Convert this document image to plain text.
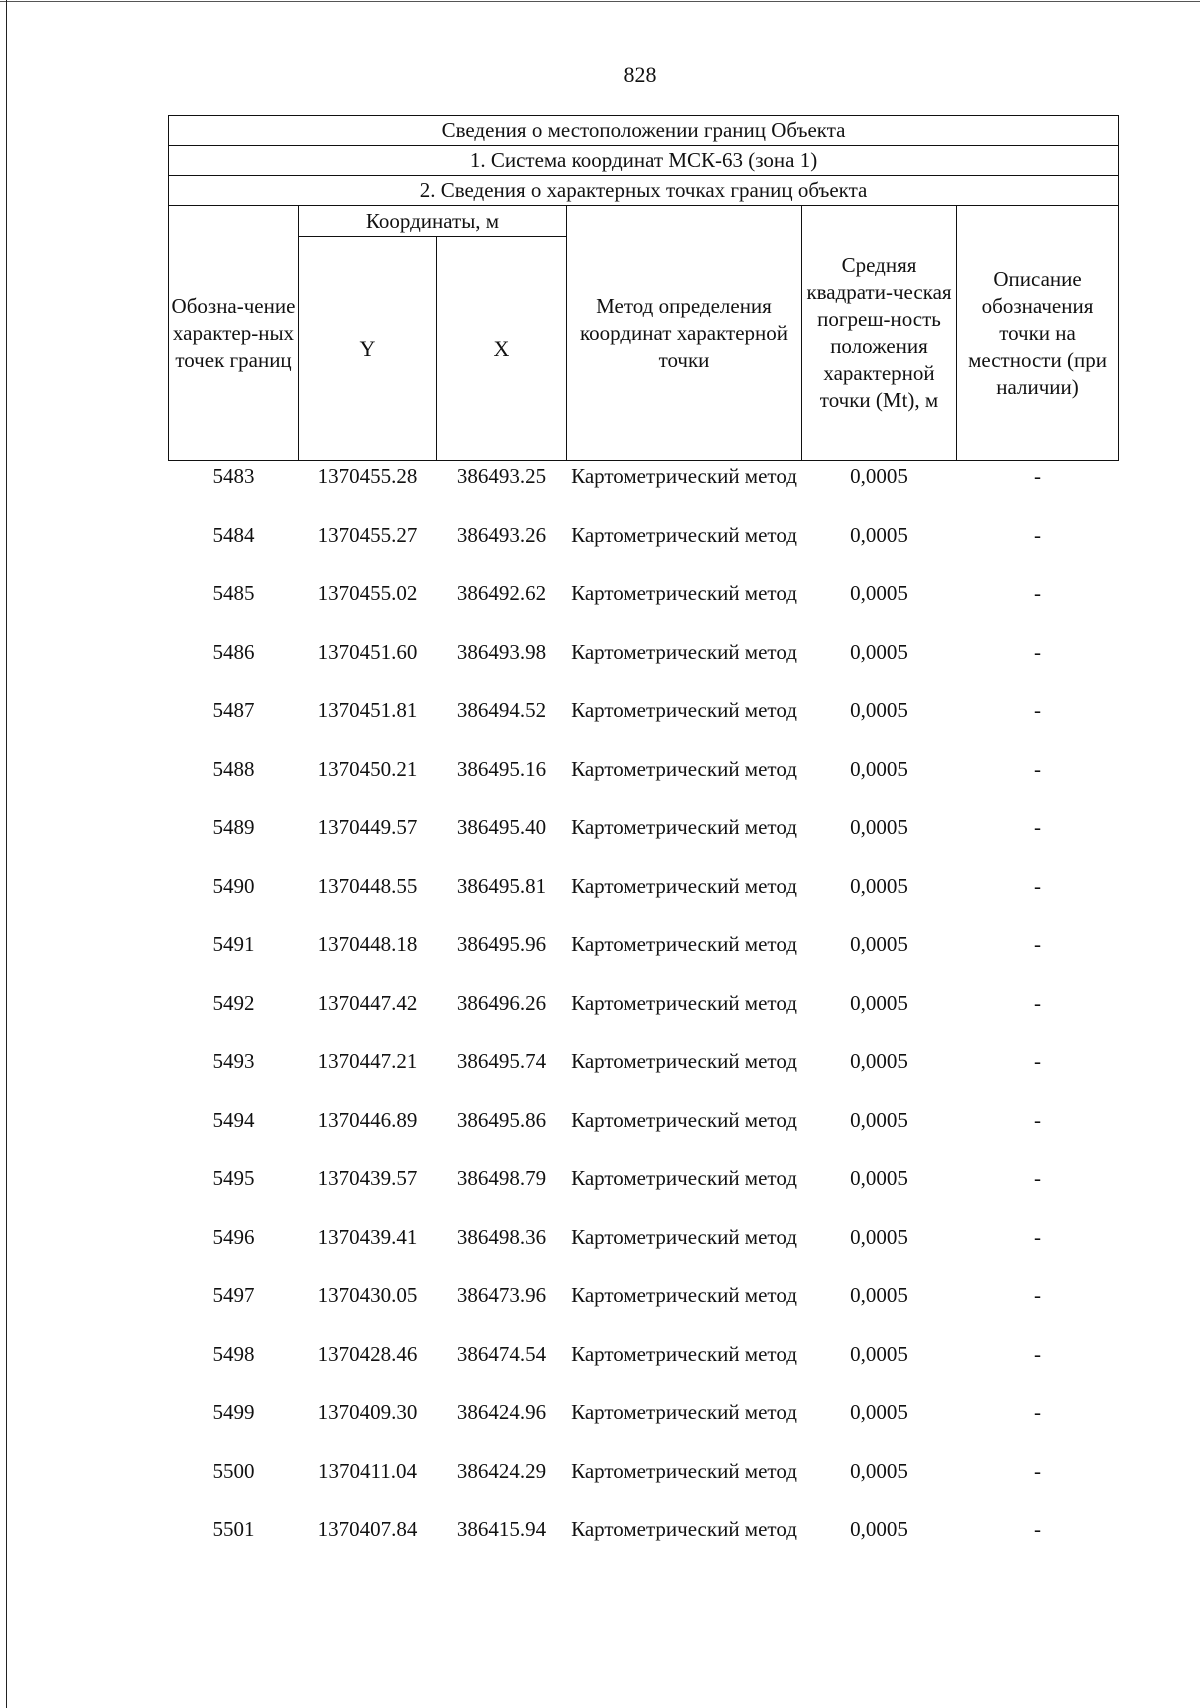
828
Сведения о местоположении границ Объекта					
1. Система координат МСК-63 (зона 1)					
2. Сведения о характерных точках границ объекта					
Обозна-чение характер-ных точек границ	Координаты, м		Метод определения координат характерной точки	Средняя квадрати-ческая погреш-ность положения характерной точки (Mt), м	Описание обозначения точки на местности (при наличии)
	Y	X			
5483	1370455.28	386493.25	Картометрический метод	0,0005	-
5484	1370455.27	386493.26	Картометрический метод	0,0005	-
5485	1370455.02	386492.62	Картометрический метод	0,0005	-
5486	1370451.60	386493.98	Картометрический метод	0,0005	-
5487	1370451.81	386494.52	Картометрический метод	0,0005	-
5488	1370450.21	386495.16	Картометрический метод	0,0005	-
5489	1370449.57	386495.40	Картометрический метод	0,0005	-
5490	1370448.55	386495.81	Картометрический метод	0,0005	-
5491	1370448.18	386495.96	Картометрический метод	0,0005	-
5492	1370447.42	386496.26	Картометрический метод	0,0005	-
5493	1370447.21	386495.74	Картометрический метод	0,0005	-
5494	1370446.89	386495.86	Картометрический метод	0,0005	-
5495	1370439.57	386498.79	Картометрический метод	0,0005	-
5496	1370439.41	386498.36	Картометрический метод	0,0005	-
5497	1370430.05	386473.96	Картометрический метод	0,0005	-
5498	1370428.46	386474.54	Картометрический метод	0,0005	-
5499	1370409.30	386424.96	Картометрический метод	0,0005	-
5500	1370411.04	386424.29	Картометрический метод	0,0005	-
5501	1370407.84	386415.94	Картометрический метод	0,0005	-
